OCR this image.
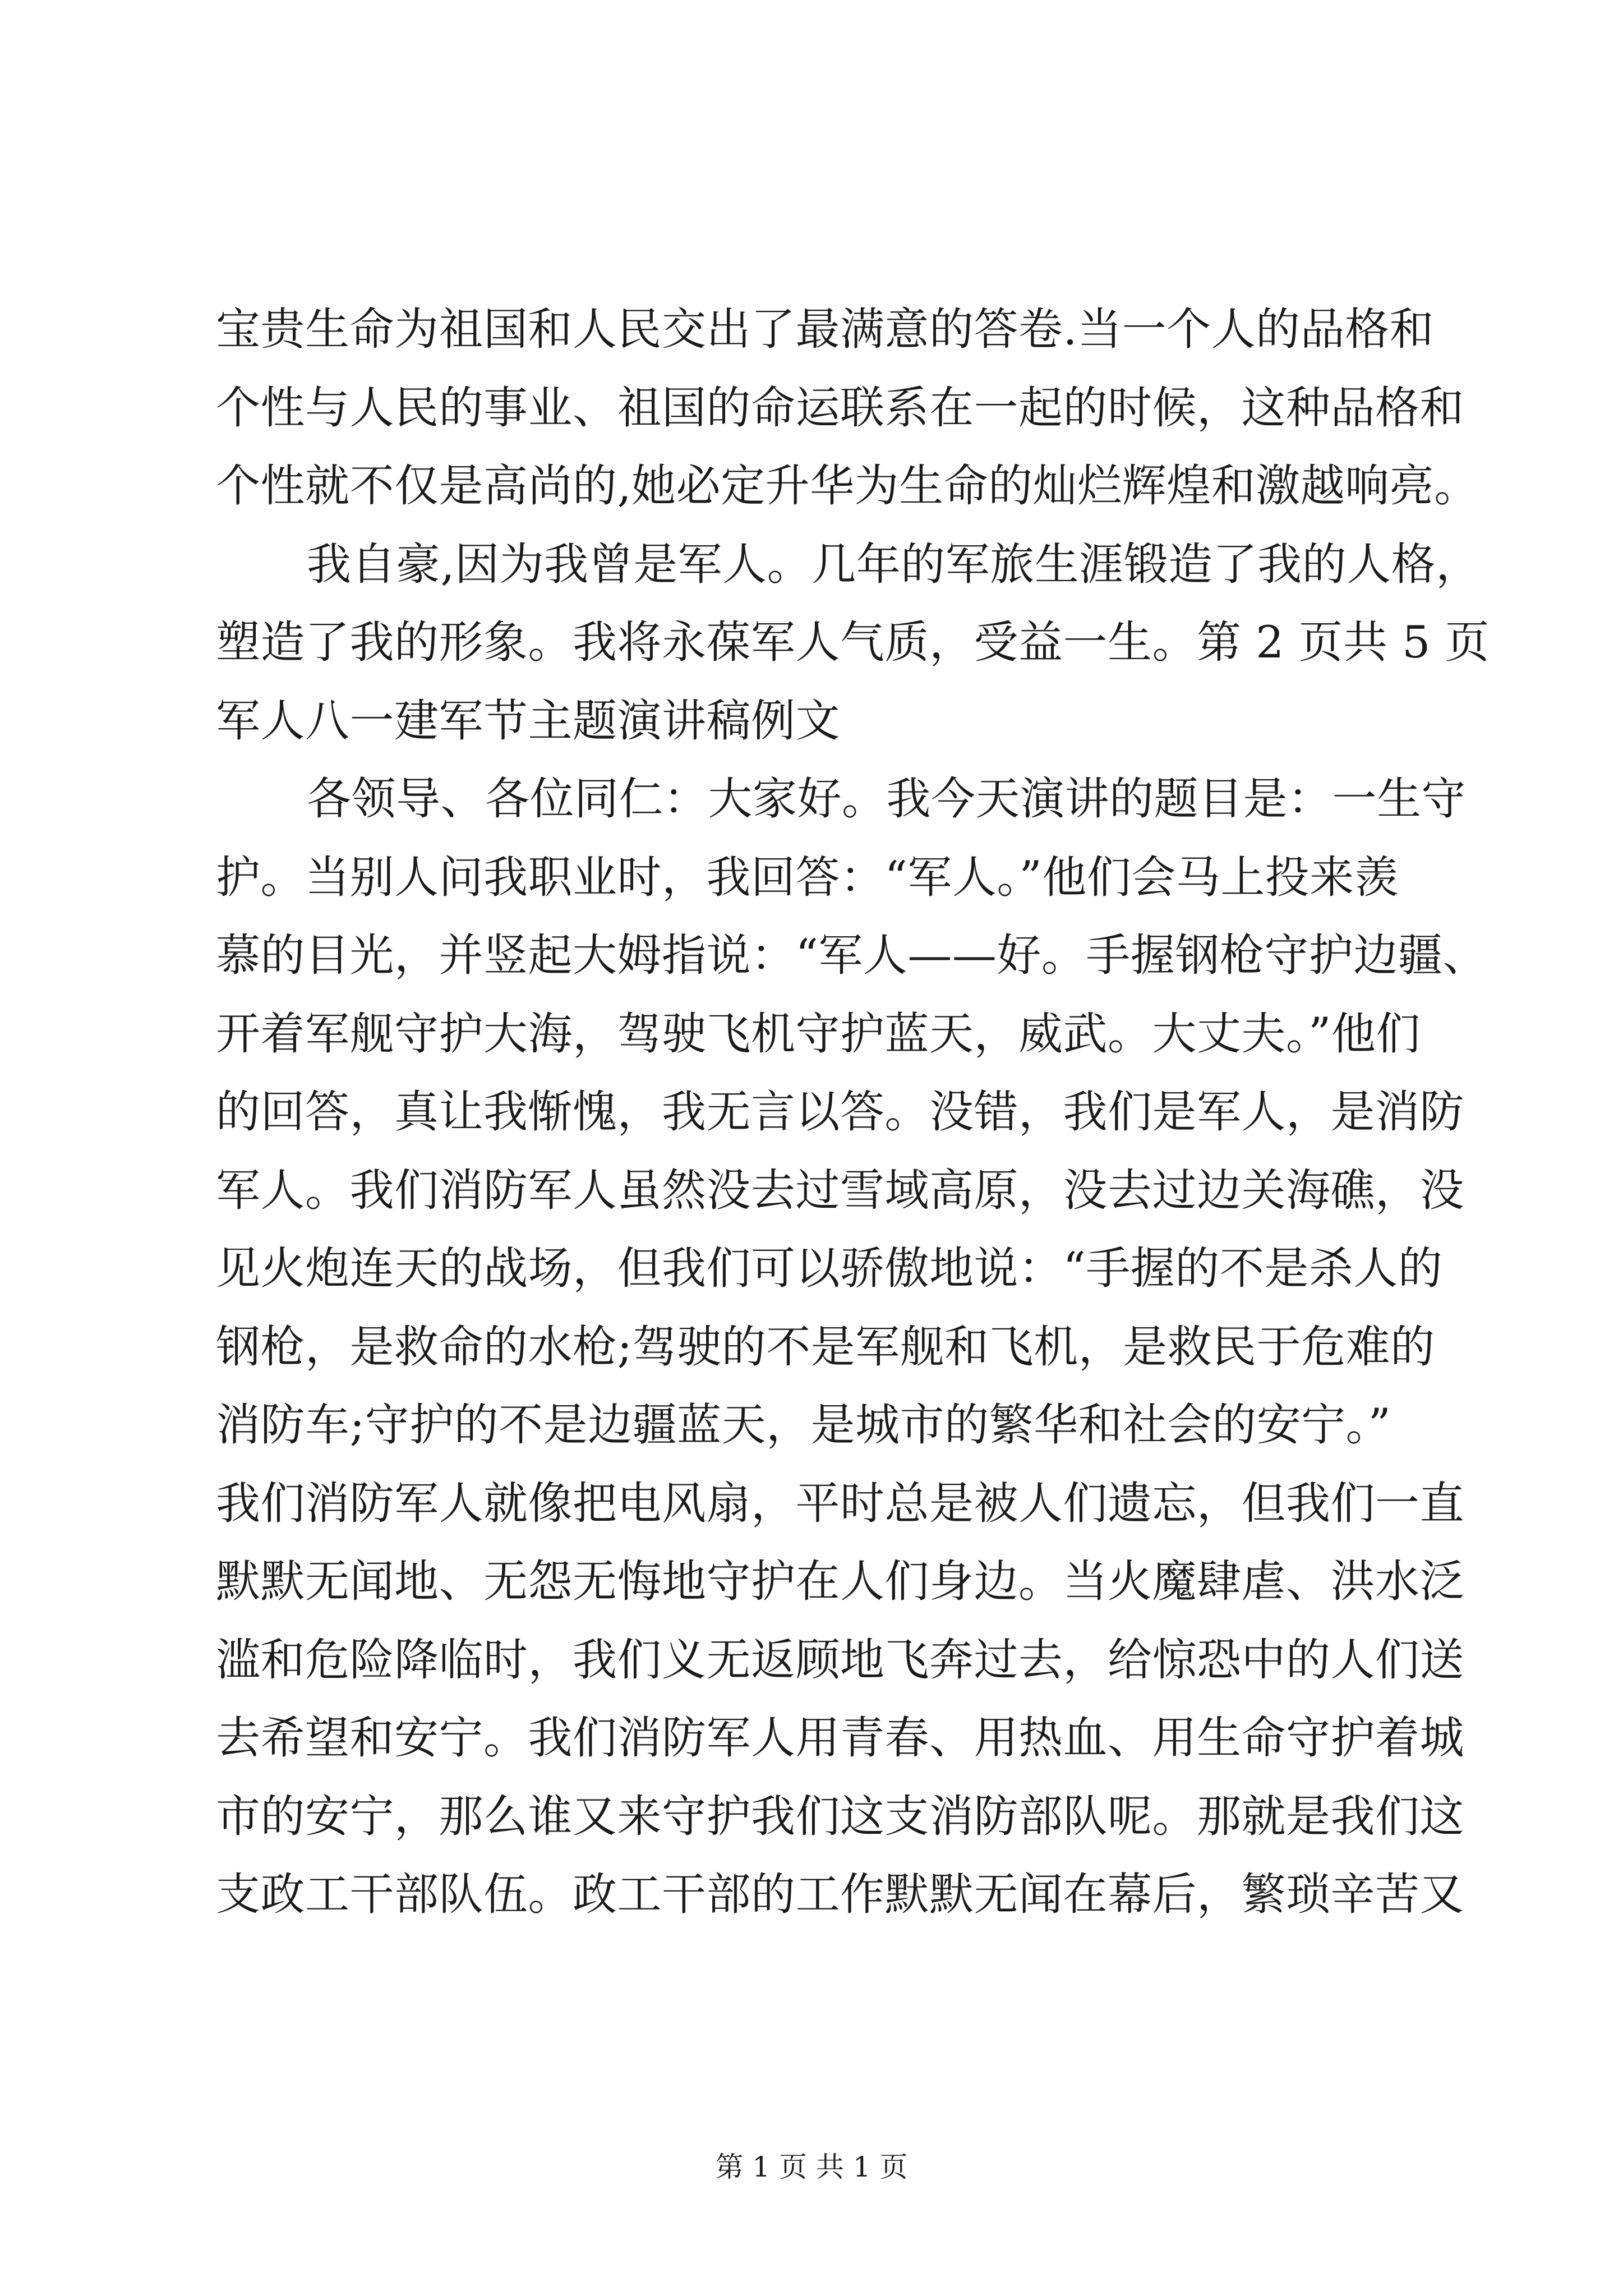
宝贵生命为祖国和人民交出了最满意的答卷.当一个人的品格和
个性与人民的事业、祖国的命运联系在一起的时候，这种品格和
个性就不仅是高尚的,她必定升华为生命的灿烂辉煌和激越响亮。
我自豪,因为我曾是军人。几年的军旅生涯锻造了我的人格，
塑造了我的形象。我将永葆军人气质，受益一生。第 2 页共 5 页
军人八一建军节主题演讲稿例文
各领导、各位同仁：大家好。我今天演讲的题目是：一生守
护。当别人问我职业时，我回答：“军人。”他们会马上投来羡
慕的目光，并竖起大姆指说：“军人——好。手握钢枪守护边疆、
开着军舰守护大海，驾驶飞机守护蓝天，威武。大丈夫。”他们
的回答，真让我惭愧，我无言以答。没错，我们是军人，是消防
军人。我们消防军人虽然没去过雪域高原，没去过边关海礁，没
见火炮连天的战场，但我们可以骄傲地说：“手握的不是杀人的
钢枪，是救命的水枪;驾驶的不是军舰和飞机，是救民于危难的
消防车;守护的不是边疆蓝天，是城市的繁华和社会的安宁。”
我们消防军人就像把电风扇，平时总是被人们遗忘，但我们一直
默默无闻地、无怨无悔地守护在人们身边。当火魔肆虐、洪水泛
滥和危险降临时，我们义无返顾地飞奔过去，给惊恐中的人们送
去希望和安宁。我们消防军人用青春、用热血、用生命守护着城
市的安宁，那么谁又来守护我们这支消防部队呢。那就是我们这
支政工干部队伍。政工干部的工作默默无闻在幕后，繁琐辛苦又
第 1 页 共 1 页
